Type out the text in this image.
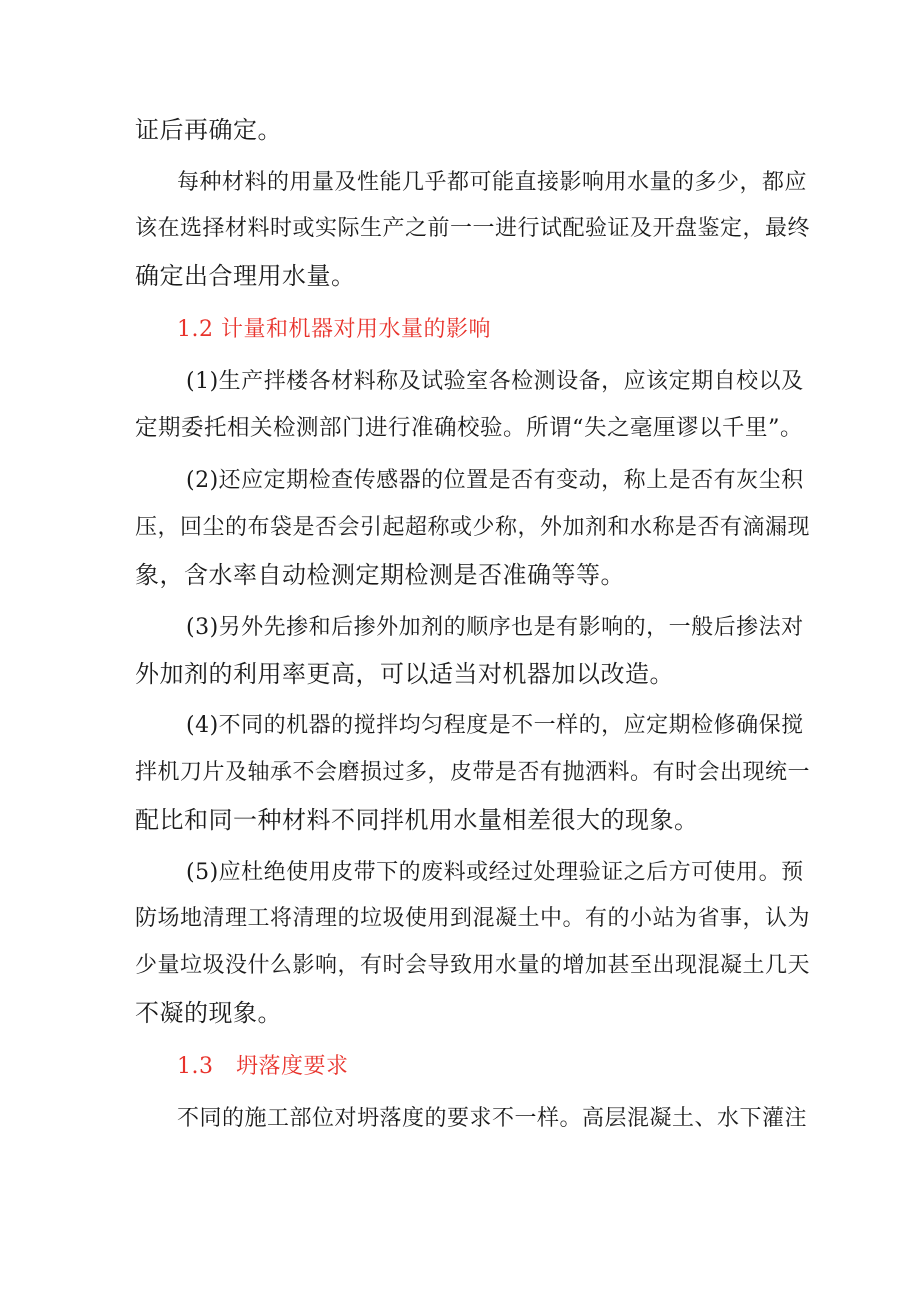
证后再确定。
每种材料的用量及性能几乎都可能直接影响用水量的多少，都应
该在选择材料时或实际生产之前一一进行试配验证及开盘鉴定，最终
确定出合理用水量。
1.2 计量和机器对用水量的影响
(1)生产拌楼各材料称及试验室各检测设备，应该定期自校以及
定期委托相关检测部门进行准确校验。所谓“失之毫厘谬以千里”。
(2)还应定期检查传感器的位置是否有变动，称上是否有灰尘积
压，回尘的布袋是否会引起超称或少称，外加剂和水称是否有滴漏现
象，含水率自动检测定期检测是否准确等等。
(3)另外先掺和后掺外加剂的顺序也是有影响的，一般后掺法对
外加剂的利用率更高，可以适当对机器加以改造。
(4)不同的机器的搅拌均匀程度是不一样的，应定期检修确保搅
拌机刀片及轴承不会磨损过多，皮带是否有抛洒料。有时会出现统一
配比和同一种材料不同拌机用水量相差很大的现象。
(5)应杜绝使用皮带下的废料或经过处理验证之后方可使用。预
防场地清理工将清理的垃圾使用到混凝土中。有的小站为省事，认为
少量垃圾没什么影响，有时会导致用水量的增加甚至出现混凝土几天
不凝的现象。
1.3　坍落度要求
不同的施工部位对坍落度的要求不一样。高层混凝土、水下灌注
